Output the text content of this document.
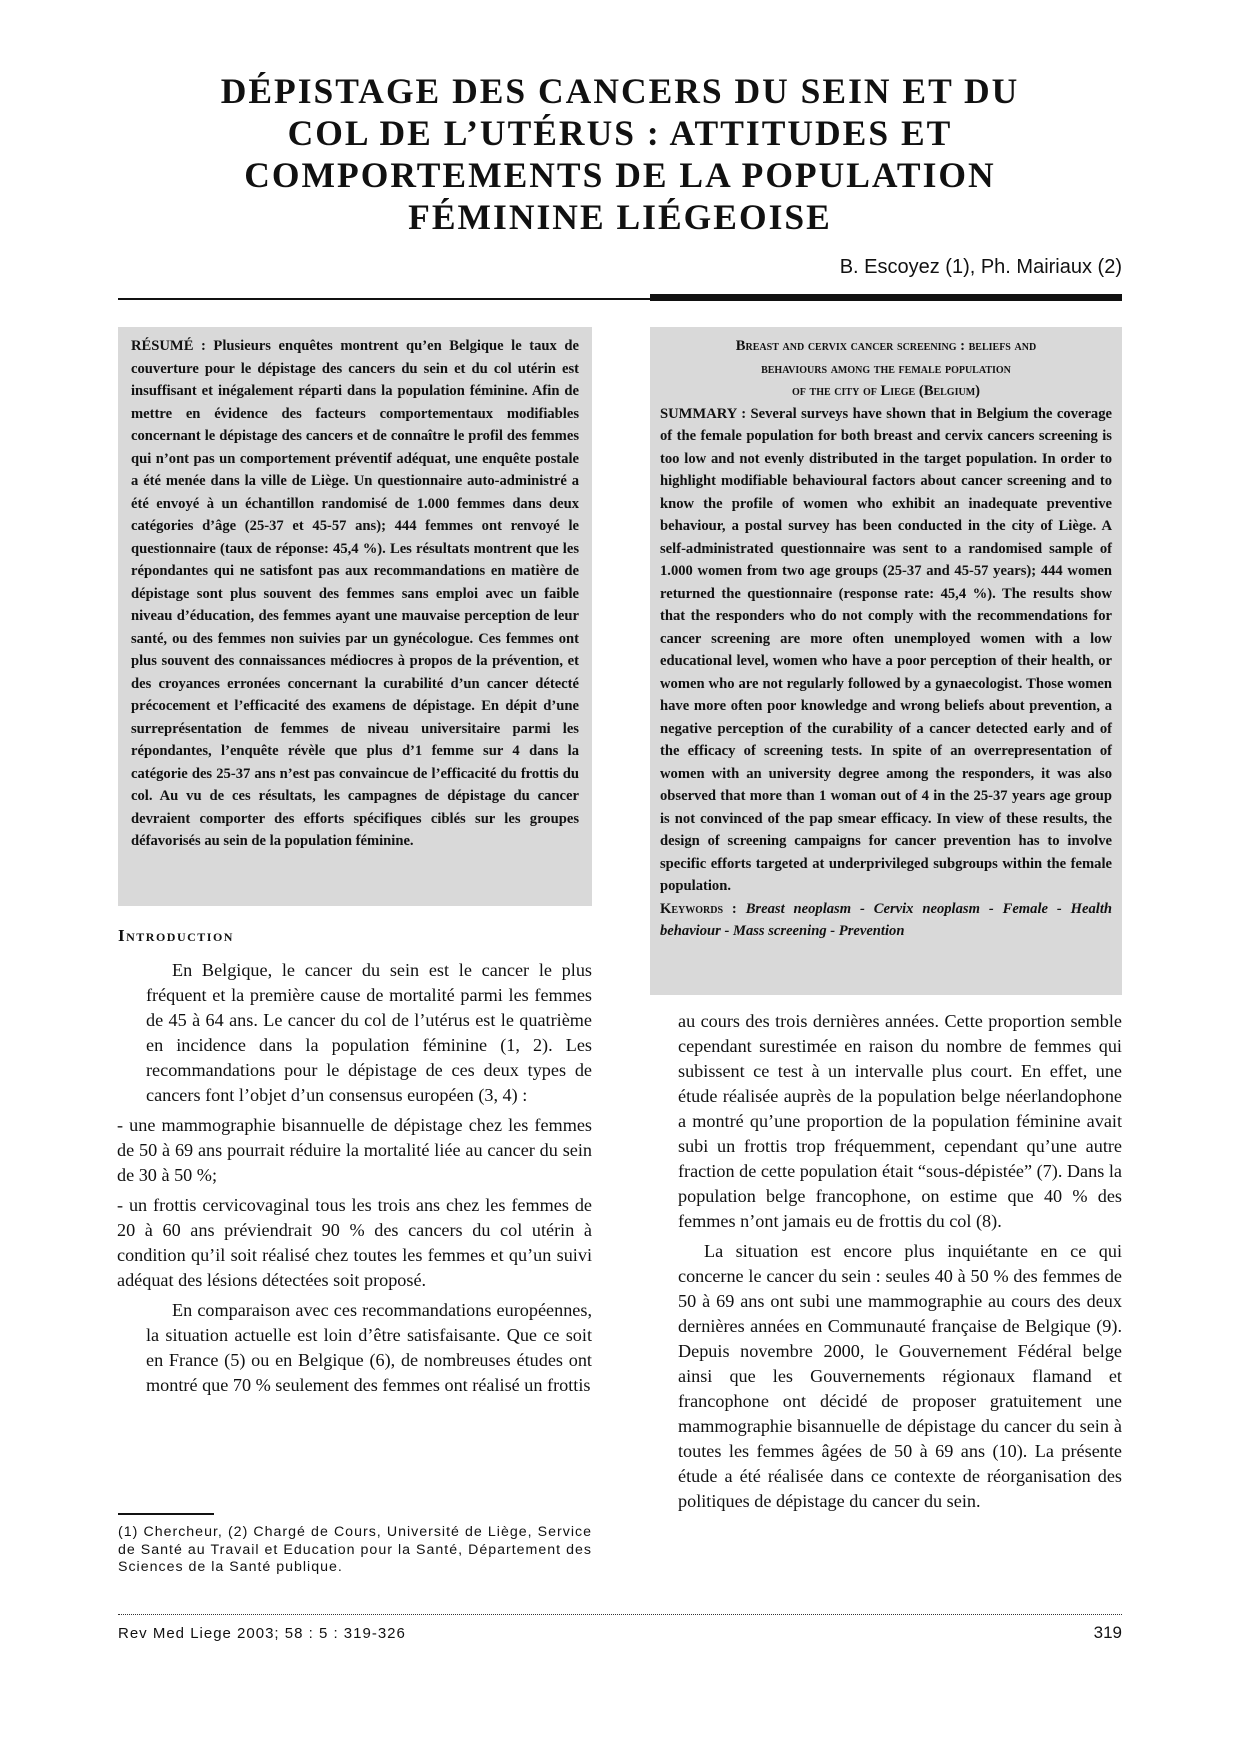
DÉPISTAGE DES CANCERS DU SEIN ET DU
COL DE L’UTÉRUS : ATTITUDES ET
COMPORTEMENTS DE LA POPULATION
FÉMININE LIÉGEOISE
B. Escoyez (1), Ph. Mairiaux (2)

RÉSUMÉ : Plusieurs enquêtes montrent qu’en Belgique le taux de couverture pour le dépistage des cancers du sein et du col utérin est insuffisant et inégalement réparti dans la population féminine. Afin de mettre en évidence des facteurs comportementaux modifiables concernant le dépistage des cancers et de connaître le profil des femmes qui n’ont pas un comportement préventif adéquat, une enquête postale a été menée dans la ville de Liège. Un questionnaire auto-administré a été envoyé à un échantillon randomisé de 1.000 femmes dans deux catégories d’âge (25-37 et 45-57 ans); 444 femmes ont renvoyé le questionnaire (taux de réponse: 45,4 %). Les résultats montrent que les répondantes qui ne satisfont pas aux recommandations en matière de dépistage sont plus souvent des femmes sans emploi avec un faible niveau d’éducation, des femmes ayant une mauvaise perception de leur santé, ou des femmes non suivies par un gynécologue. Ces femmes ont plus souvent des connaissances médiocres à propos de la prévention, et des croyances erronées concernant la curabilité d’un cancer détecté précocement et l’efficacité des examens de dépistage. En dépit d’une surreprésentation de femmes de niveau universitaire parmi les répondantes, l’enquête révèle que plus d’1 femme sur 4 dans la catégorie des 25-37 ans n’est pas convaincue de l’efficacité du frottis du col. Au vu de ces résultats, les campagnes de dépistage du cancer devraient comporter des efforts spécifiques ciblés sur les groupes défavorisés au sein de la population féminine.

Breast and cervix cancer screening : beliefs and
behaviours among the female population
of the city of Liege (Belgium)

SUMMARY : Several surveys have shown that in Belgium the coverage of the female population for both breast and cervix cancers screening is too low and not evenly distributed in the target population. In order to highlight modifiable behavioural factors about cancer screening and to know the profile of women who exhibit an inadequate preventive behaviour, a postal survey has been conducted in the city of Liège. A self-administrated questionnaire was sent to a randomised sample of 1.000 women from two age groups (25-37 and 45-57 years); 444 women returned the questionnaire (response rate: 45,4 %). The results show that the responders who do not comply with the recommendations for cancer screening are more often unemployed women with a low educational level, women who have a poor perception of their health, or women who are not regularly followed by a gynaecologist. Those women have more often poor knowledge and wrong beliefs about prevention, a negative perception of the curability of a cancer detected early and of the efficacy of screening tests. In spite of an overrepresentation of women with an university degree among the responders, it was also observed that more than 1 woman out of 4 in the 25-37 years age group is not convinced of the pap smear efficacy. In view of these results, the design of screening campaigns for cancer prevention has to involve specific efforts targeted at underprivileged subgroups within the female population.

Keywords : Breast neoplasm - Cervix neoplasm - Female - Health behaviour - Mass screening - Prevention

Introduction

En Belgique, le cancer du sein est le cancer le plus fréquent et la première cause de mortalité parmi les femmes de 45 à 64 ans. Le cancer du col de l’utérus est le quatrième en incidence dans la population féminine (1, 2). Les recommandations pour le dépistage de ces deux types de cancers font l’objet d’un consensus européen (3, 4) :

- une mammographie bisannuelle de dépistage chez les femmes de 50 à 69 ans pourrait réduire la mortalité liée au cancer du sein de 30 à 50 %;

- un frottis cervicovaginal tous les trois ans chez les femmes de 20 à 60 ans préviendrait 90 % des cancers du col utérin à condition qu’il soit réalisé chez toutes les femmes et qu’un suivi adéquat des lésions détectées soit proposé.

En comparaison avec ces recommandations européennes, la situation actuelle est loin d’être satisfaisante. Que ce soit en France (5) ou en Belgique (6), de nombreuses études ont montré que 70 % seulement des femmes ont réalisé un frottis

au cours des trois dernières années. Cette proportion semble cependant surestimée en raison du nombre de femmes qui subissent ce test à un intervalle plus court. En effet, une étude réalisée auprès de la population belge néerlandophone a montré qu’une proportion de la population féminine avait subi un frottis trop fréquemment, cependant qu’une autre fraction de cette population était “sous-dépistée” (7). Dans la population belge francophone, on estime que 40 % des femmes n’ont jamais eu de frottis du col (8).

La situation est encore plus inquiétante en ce qui concerne le cancer du sein : seules 40 à 50 % des femmes de 50 à 69 ans ont subi une mammographie au cours des deux dernières années en Communauté française de Belgique (9). Depuis novembre 2000, le Gouvernement Fédéral belge ainsi que les Gouvernements régionaux flamand et francophone ont décidé de proposer gratuitement une mammographie bisannuelle de dépistage du cancer du sein à toutes les femmes âgées de 50 à 69 ans (10). La présente étude a été réalisée dans ce contexte de réorganisation des politiques de dépistage du cancer du sein.

(1) Chercheur, (2) Chargé de Cours, Université de Liège, Service de Santé au Travail et Education pour la Santé, Département des Sciences de la Santé publique.
Rev Med Liege 2003; 58 : 5 : 319-326	319
